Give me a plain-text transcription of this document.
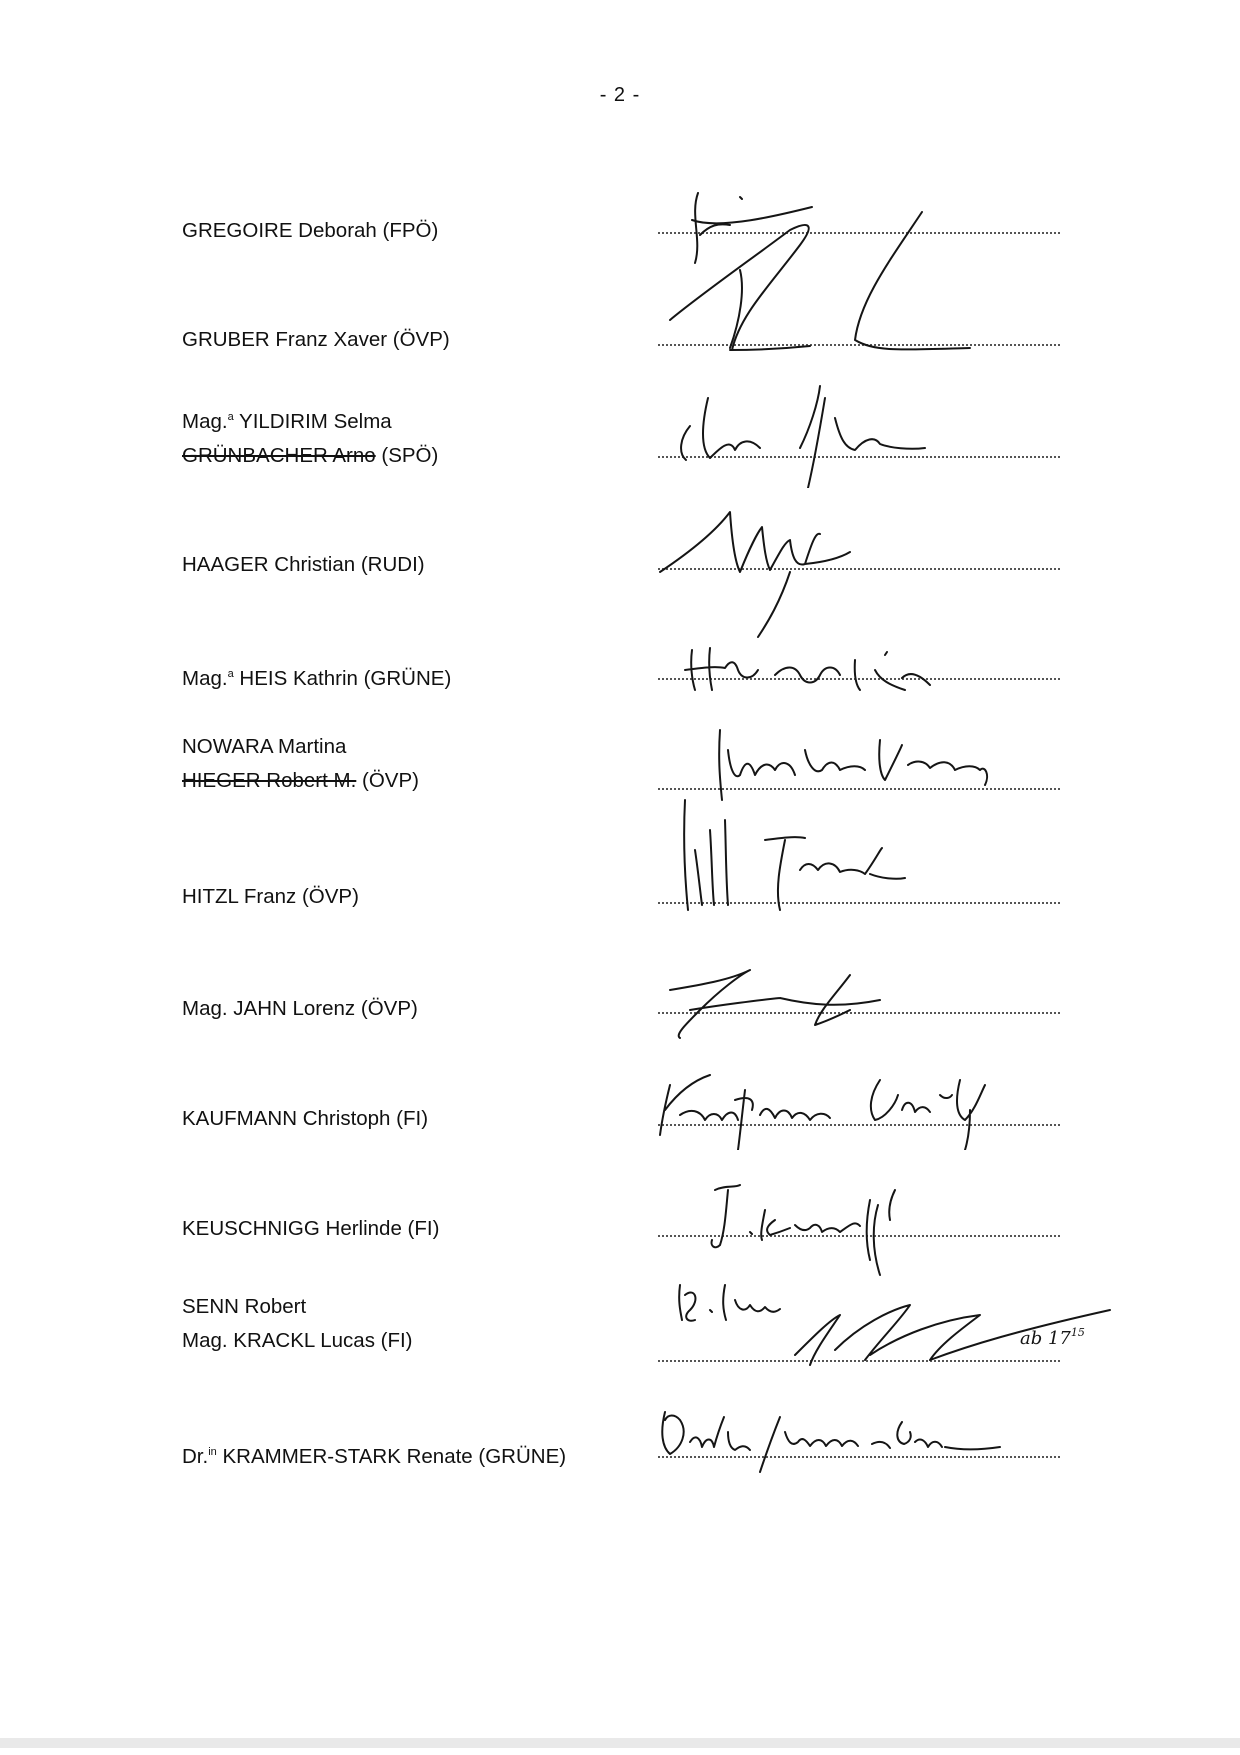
- 2 -
GREGOIRE Deborah (FPÖ)
GRUBER Franz Xaver (ÖVP)
Mag.$^a$ YILDIRIM Selma
GRÜNBACHER Arno (SPÖ)
HAAGER Christian (RUDI)
Mag.$^a$ HEIS Kathrin (GRÜNE)
NOWARA Martina
HIEGER Robert M. (ÖVP)
HITZL Franz (ÖVP)
Mag. JAHN Lorenz (ÖVP)
KAUFMANN Christoph (FI)
KEUSCHNIGG Herlinde (FI)
SENN Robert
Mag. KRACKL Lucas (FI)	ab $17^{15}$
Dr.$^{in}$ KRAMMER-STARK Renate (GRÜNE)
